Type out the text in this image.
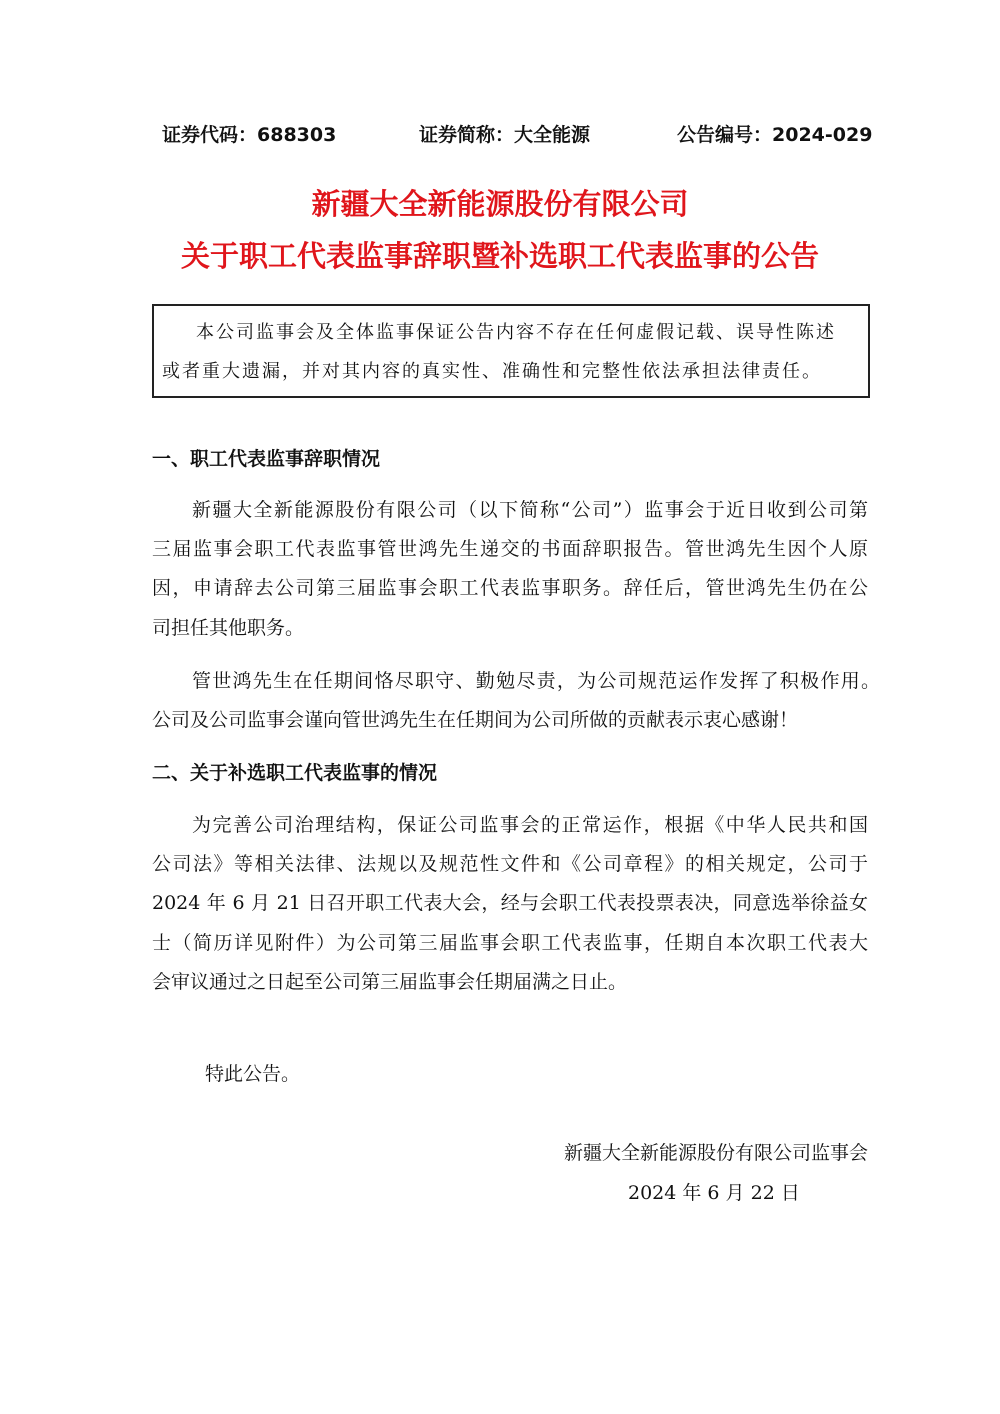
证券代码：688303	证券简称：大全能源	公告编号：2024-029
新疆大全新能源股份有限公司
关于职工代表监事辞职暨补选职工代表监事的公告
本公司监事会及全体监事保证公告内容不存在任何虚假记载、误导性陈述
或者重大遗漏，并对其内容的真实性、准确性和完整性依法承担法律责任。
一、职工代表监事辞职情况
新疆大全新能源股份有限公司（以下简称“公司”）监事会于近日收到公司第
三届监事会职工代表监事管世鸿先生递交的书面辞职报告。管世鸿先生因个人原
因，申请辞去公司第三届监事会职工代表监事职务。辞任后，管世鸿先生仍在公
司担任其他职务。
管世鸿先生在任期间恪尽职守、勤勉尽责，为公司规范运作发挥了积极作用。
公司及公司监事会谨向管世鸿先生在任期间为公司所做的贡献表示衷心感谢！
二、关于补选职工代表监事的情况
为完善公司治理结构，保证公司监事会的正常运作，根据《中华人民共和国
公司法》等相关法律、法规以及规范性文件和《公司章程》的相关规定，公司于
2024 年 6 月 21 日召开职工代表大会，经与会职工代表投票表决，同意选举徐益女
士（简历详见附件）为公司第三届监事会职工代表监事，任期自本次职工代表大
会审议通过之日起至公司第三届监事会任期届满之日止。
特此公告。
新疆大全新能源股份有限公司监事会
2024 年 6 月 22 日
